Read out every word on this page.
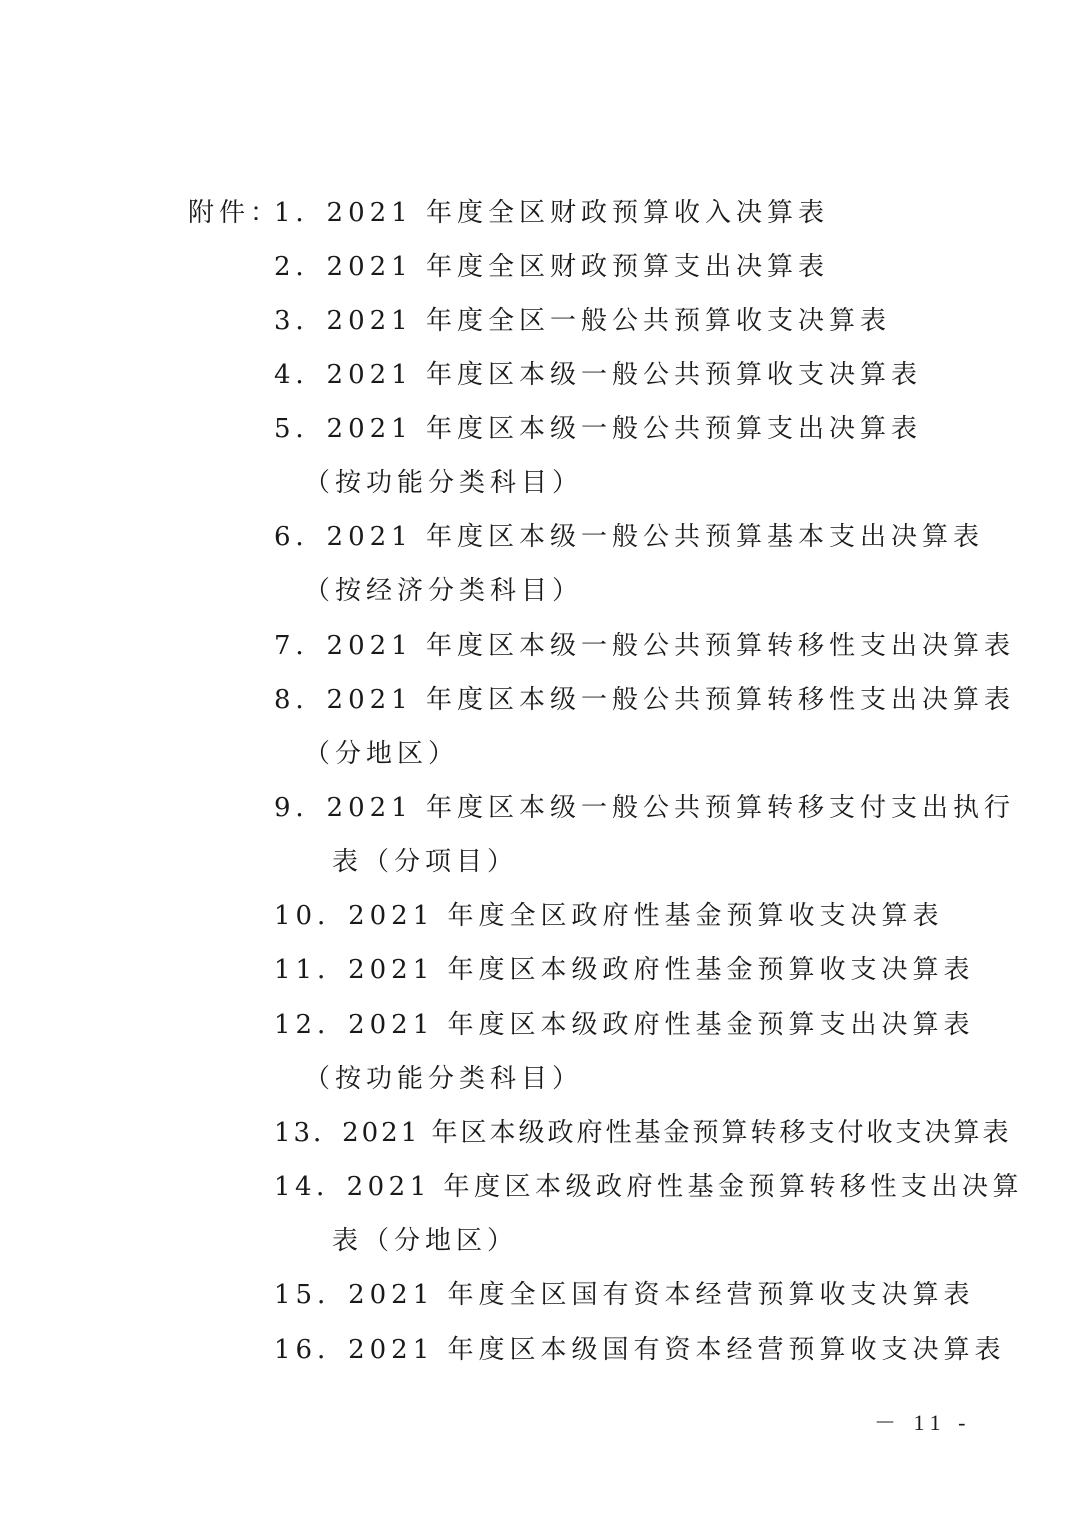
附件：
1．2021 年度全区财政预算收入决算表
2．2021 年度全区财政预算支出决算表
3．2021 年度全区一般公共预算收支决算表
4．2021 年度区本级一般公共预算收支决算表
5．2021 年度区本级一般公共预算支出决算表
（按功能分类科目）
6．2021 年度区本级一般公共预算基本支出决算表
（按经济分类科目）
7．2021 年度区本级一般公共预算转移性支出决算表
8．2021 年度区本级一般公共预算转移性支出决算表
（分地区）
9．2021 年度区本级一般公共预算转移支付支出执行
表（分项目）
10．2021 年度全区政府性基金预算收支决算表
11．2021 年度区本级政府性基金预算收支决算表
12．2021 年度区本级政府性基金预算支出决算表
（按功能分类科目）
13．2021 年区本级政府性基金预算转移支付收支决算表
14．2021 年度区本级政府性基金预算转移性支出决算
表（分地区）
15．2021 年度全区国有资本经营预算收支决算表
16．2021 年度区本级国有资本经营预算收支决算表
－ 11 -
